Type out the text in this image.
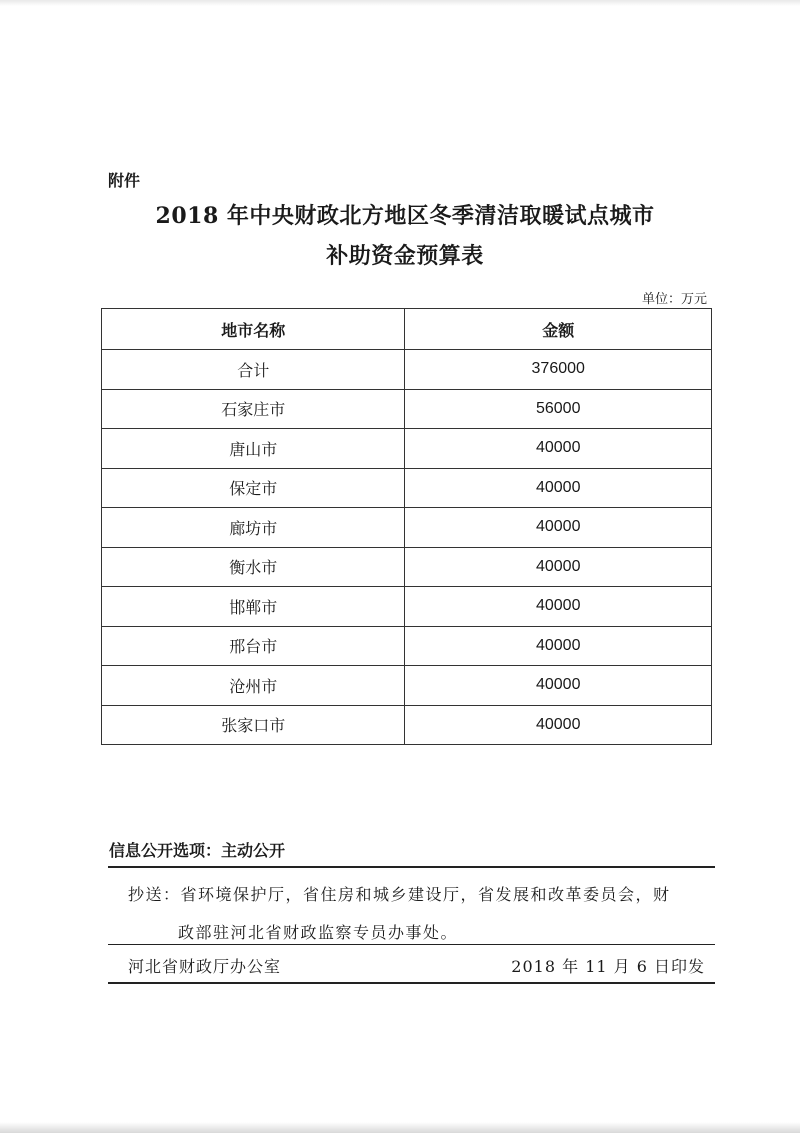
附件
2018 年中央财政北方地区冬季清洁取暖试点城市
补助资金预算表
单位：万元
地市名称	金额
合计	376000
石家庄市	56000
唐山市	40000
保定市	40000
廊坊市	40000
衡水市	40000
邯郸市	40000
邢台市	40000
沧州市	40000
张家口市	40000
信息公开选项：主动公开
抄送：省环境保护厅，省住房和城乡建设厅，省发展和改革委员会，财
政部驻河北省财政监察专员办事处。
河北省财政厅办公室	2018 年 11 月 6 日印发
